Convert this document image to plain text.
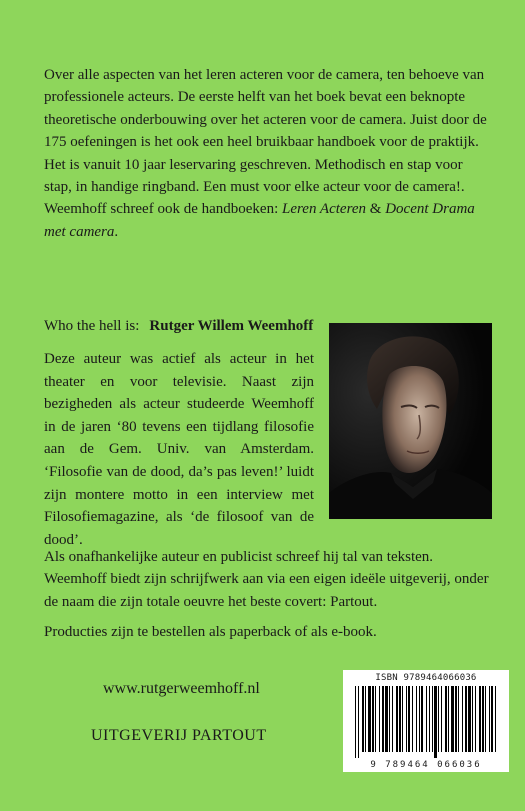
Over alle aspecten van het leren acteren voor de camera, ten behoeve van professionele acteurs. De eerste helft van het boek bevat een beknopte theoretische onderbouwing over het acteren voor de camera. Juist door de 175 oefeningen is het ook een heel bruikbaar handboek voor de praktijk. Het is vanuit 10 jaar leservaring geschreven. Methodisch en stap voor stap, in handige ringband. Een must voor elke acteur voor de camera!. Weemhoff schreef ook de handboeken: Leren Acteren & Docent Drama met camera.

Who the hell is: Rutger Willem Weemhoff

Deze auteur was actief als acteur in het theater en voor televisie. Naast zijn bezigheden als acteur studeerde Weemhoff in de jaren ‘80 tevens een tijdlang filosofie aan de Gem. Univ. van Amsterdam. ‘Filosofie van de dood, da’s pas leven!’ luidt zijn montere motto in een interview met Filosofiemagazine, als ‘de filosoof van de dood’.

Als onafhankelijke auteur en publicist schreef hij tal van teksten. Weemhoff biedt zijn schrijfwerk aan via een eigen ideële uitgeverij, onder de naam die zijn totale oeuvre het beste covert: Partout.

Producties zijn te bestellen als paperback of als e-book.

www.rutgerweemhoff.nl

UITGEVERIJ PARTOUT

ISBN 9789464066036

9 789464 066036
